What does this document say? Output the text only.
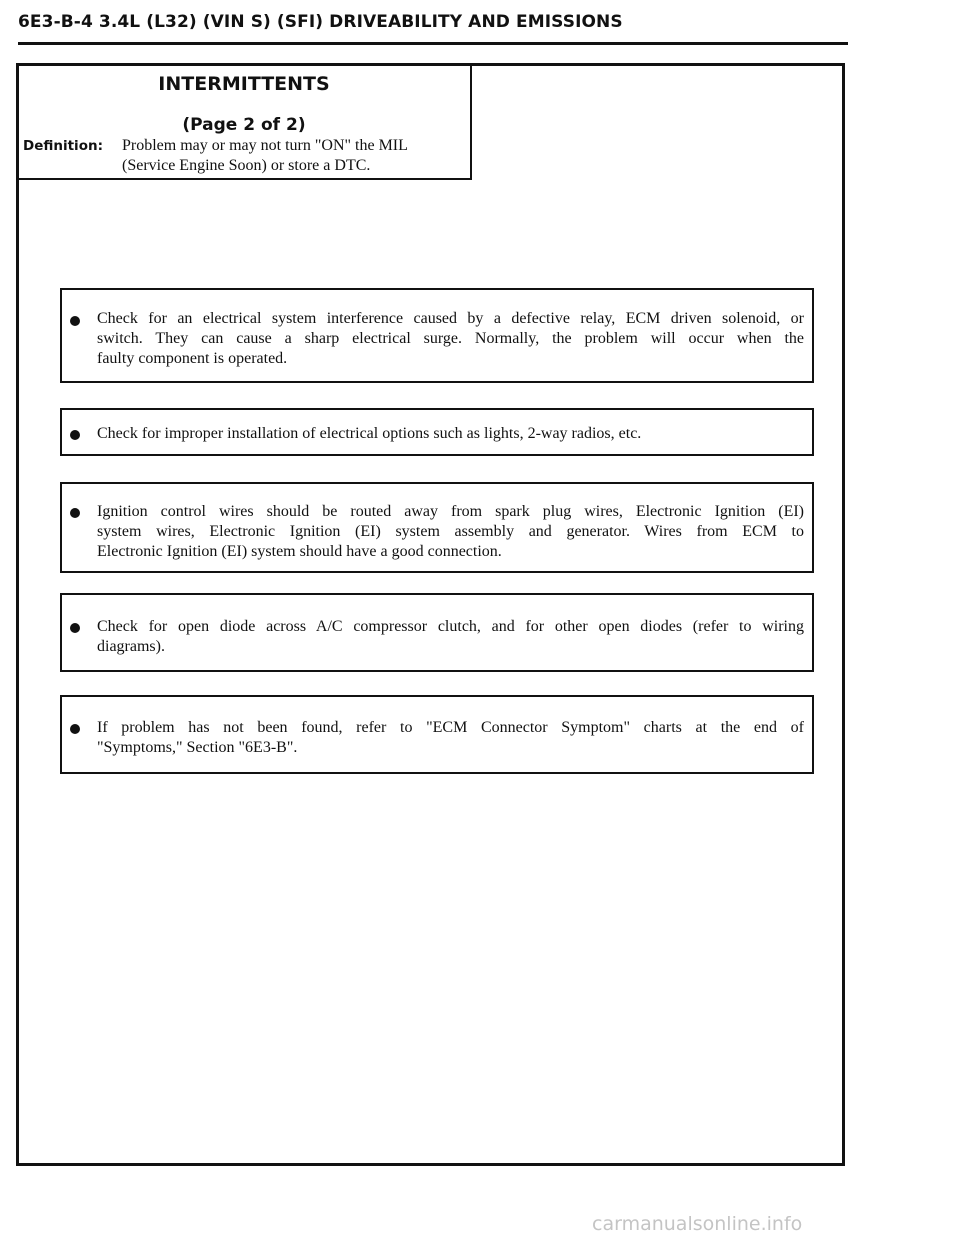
6E3-B-4 3.4L (L32) (VIN S) (SFI) DRIVEABILITY AND EMISSIONS
INTERMITTENTS
(Page 2 of 2)
Definition: Problem may or may not turn "ON" the MIL
(Service Engine Soon) or store a DTC.
Check for an electrical system interference caused by a defective relay, ECM driven solenoid, or
switch. They can cause a sharp electrical surge. Normally, the problem will occur when the
faulty component is operated.
Check for improper installation of electrical options such as lights, 2-way radios, etc.
Ignition control wires should be routed away from spark plug wires, Electronic Ignition (EI)
system wires, Electronic Ignition (EI) system assembly and generator. Wires from ECM to
Electronic Ignition (EI) system should have a good connection.
Check for open diode across A/C compressor clutch, and for other open diodes (refer to wiring
diagrams).
If problem has not been found, refer to "ECM Connector Symptom" charts at the end of
"Symptoms," Section "6E3-B".
carmanualsonline.info
